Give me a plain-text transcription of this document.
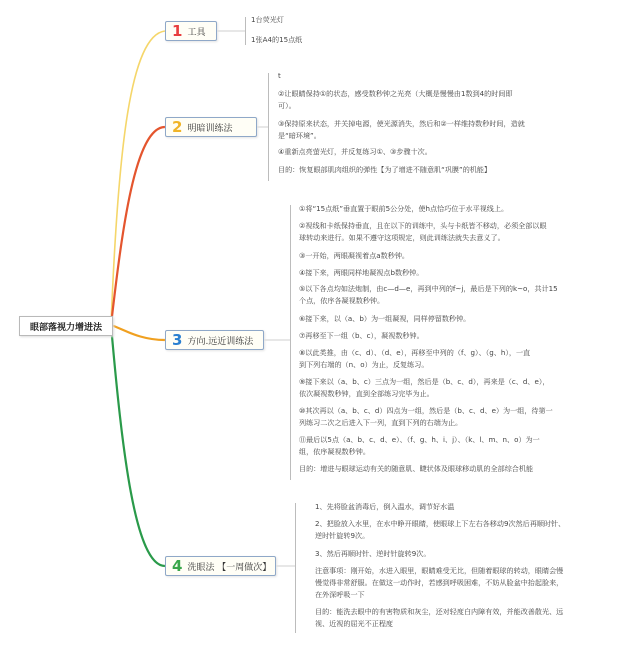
眼部落视力增进法
1 工具
1台荧光灯
1张A4的15点纸
2 明暗训练法
t
②让眼睛保持①的状态，感受数秒钟之光亮（大概是慢慢由1数到4的时间即
可）。
③保持原来状态，并关掉电源，使光源消失，然后和②一样维持数秒时间，造就
是“暗环境”。
④重新点亮萤光灯，并反复练习①、③步骤十次。
目的：恢复眼部肌肉组织的弹性【为了增进不随意肌“巩膜”的机能】
3 方向.远近训练法
①将“15点纸”垂直置于眼前5公分处，使h点恰巧位于水平视线上。
②视线和卡纸保持垂直，且在以下的训练中，头与卡纸皆不移动，必须全部以眼
球转动来进行。如果不遵守这项规定，则此训练法就失去意义了。
③一开始，两眼凝视着点a数秒钟。
④接下来，两眼同样地凝视点b数秒钟。
⑤以下各点均如法炮制，由c—d—e，再到中列的f~j，最后是下列的k~o，共计15
个点，依序各凝视数秒钟。
⑥接下来，以（a、b）为一组凝视，同样停留数秒钟。
⑦再移至下一组（b、c），凝视数秒钟。
⑧以此类推，由（c、d）、（d、e），再移至中列的（f、g）、（g、h），一直
到下列右端的（n、o）为止，反复练习。
⑨接下来以（a、b、c）三点为一组，然后是（b、c、d），再来是（c、d、e），
依次凝视数秒钟，直到全部练习完毕为止。
⑩其次再以（a、b、c、d）四点为一组，然后是（b、c、d、e）为一组，待第一
列练习二次之后进入下一列，直到下列的右端为止。
⑪最后以5点（a、b、c、d、e）、（f、g、h、i、j）、（k、l、m、n、o）为一
组，依序凝视数秒钟。
目的：增进与眼球运动有关的随意肌、睫状体及眼球移动肌的全部综合机能
4 洗眼法 【一周做次】
1、先将脸盆消毒后，倒入温水，调节好水温
2、把脸放入水里，在水中睁开眼睛，使眼球上下左右各移动9次然后再顺时针、
逆时针旋转9次。
3、然后再顺时针、逆时针旋转9次。
注意事项：刚开始，水进入眼里，眼睛难受无比，但随着眼球的转动，眼睛会慢
慢觉得非常舒服。在做这一动作时，若感到呼吸困难，不妨从脸盆中抬起脸来，
在外深呼吸一下
目的：能洗去眼中的有害物质和灰尘，还对轻度白内障有效，并能改善散光、远
视、近视的屈光不正程度
